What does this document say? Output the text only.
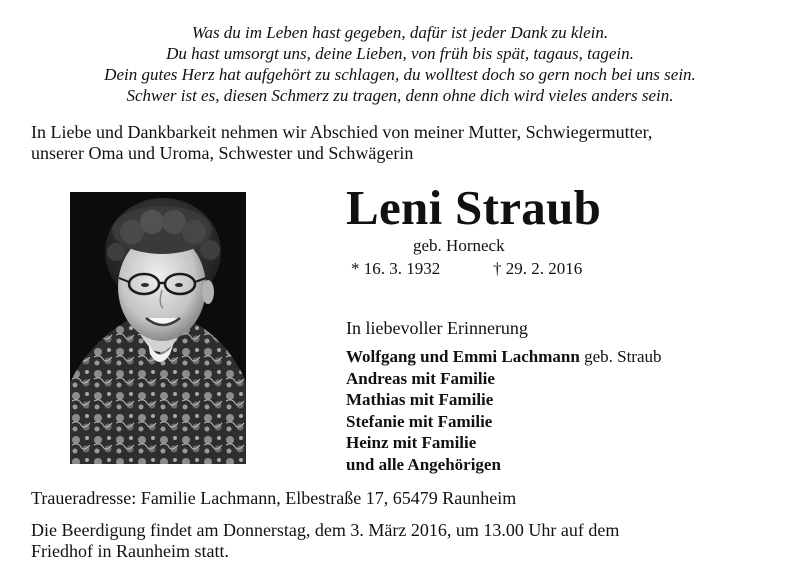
Was du im Leben hast gegeben, dafür ist jeder Dank zu klein.
Du hast umsorgt uns, deine Lieben, von früh bis spät, tagaus, tagein.
Dein gutes Herz hat aufgehört zu schlagen, du wolltest doch so gern noch bei uns sein.
Schwer ist es, diesen Schmerz zu tragen, denn ohne dich wird vieles anders sein.
In Liebe und Dankbarkeit nehmen wir Abschied von meiner Mutter, Schwiegermutter,
unserer Oma und Uroma, Schwester und Schwägerin
Leni Straub
geb. Horneck
* 16. 3. 1932	† 29. 2. 2016
In liebevoller Erinnerung
Wolfgang und Emmi Lachmann geb. Straub
Andreas mit Familie
Mathias mit Familie
Stefanie mit Familie
Heinz mit Familie
und alle Angehörigen
Traueradresse: Familie Lachmann, Elbestraße 17, 65479 Raunheim
Die Beerdigung findet am Donnerstag, dem 3. März 2016, um 13.00 Uhr auf dem
Friedhof in Raunheim statt.
